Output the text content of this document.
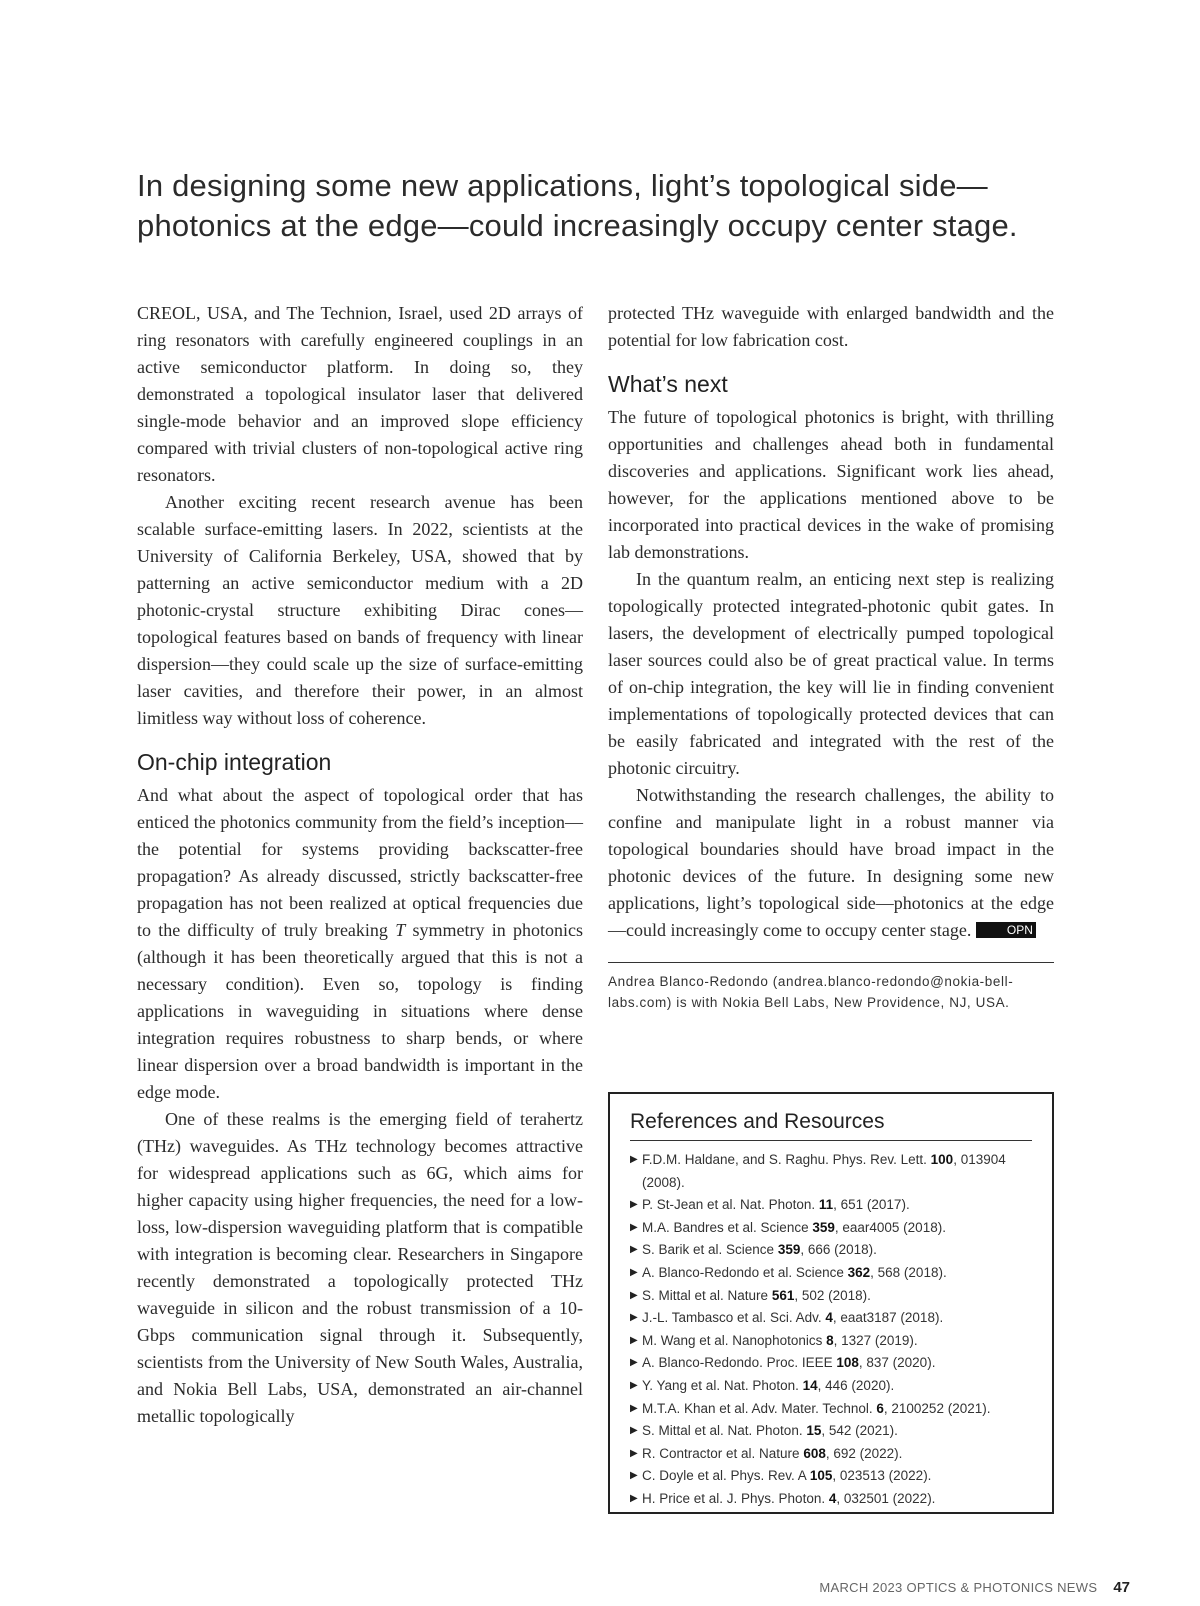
In designing some new applications, light’s topological side—photonics at the edge—could increasingly occupy center stage.

CREOL, USA, and The Technion, Israel, used 2D arrays of ring resonators with carefully engineered couplings in an active semiconductor platform. In doing so, they demonstrated a topological insulator laser that delivered single-mode behavior and an improved slope efficiency compared with trivial clusters of non-topological active ring resonators.

Another exciting recent research avenue has been scalable surface-emitting lasers. In 2022, scientists at the University of California Berkeley, USA, showed that by patterning an active semiconductor medium with a 2D photonic-crystal structure exhibiting Dirac cones—topological features based on bands of frequency with linear dispersion—they could scale up the size of surface-emitting laser cavities, and therefore their power, in an almost limitless way without loss of coherence.

On-chip integration

And what about the aspect of topological order that has enticed the photonics community from the field’s inception—the potential for systems providing backscatter-free propagation? As already discussed, strictly backscatter-free propagation has not been realized at optical frequencies due to the difficulty of truly breaking T symmetry in photonics (although it has been theoretically argued that this is not a necessary condition). Even so, topology is finding applications in waveguiding in situations where dense integration requires robustness to sharp bends, or where linear dispersion over a broad bandwidth is important in the edge mode.

One of these realms is the emerging field of terahertz (THz) waveguides. As THz technology becomes attractive for widespread applications such as 6G, which aims for higher capacity using higher frequencies, the need for a low-loss, low-dispersion waveguiding platform that is compatible with integration is becoming clear. Researchers in Singapore recently demonstrated a topologically protected THz waveguide in silicon and the robust transmission of a 10-Gbps communication signal through it. Subsequently, scientists from the University of New South Wales, Australia, and Nokia Bell Labs, USA, demonstrated an air-channel metallic topologically

protected THz waveguide with enlarged bandwidth and the potential for low fabrication cost.

What’s next

The future of topological photonics is bright, with thrilling opportunities and challenges ahead both in fundamental discoveries and applications. Significant work lies ahead, however, for the applications mentioned above to be incorporated into practical devices in the wake of promising lab demonstrations.

In the quantum realm, an enticing next step is realizing topologically protected integrated-photonic qubit gates. In lasers, the development of electrically pumped topological laser sources could also be of great practical value. In terms of on-chip integration, the key will lie in finding convenient implementations of topologically protected devices that can be easily fabricated and integrated with the rest of the photonic circuitry.

Notwithstanding the research challenges, the ability to confine and manipulate light in a robust manner via topological boundaries should have broad impact in the photonic devices of the future. In designing some new applications, light’s topological side—photonics at the edge—could increasingly come to occupy center stage.	OPN

Andrea Blanco-Redondo (andrea.blanco-redondo@nokia-bell-labs.com) is with Nokia Bell Labs, New Providence, NJ, USA.
References and Resources
▶ F.D.M. Haldane, and S. Raghu. Phys. Rev. Lett. 100, 013904 (2008).
▶ P. St-Jean et al. Nat. Photon. 11, 651 (2017).
▶ M.A. Bandres et al. Science 359, eaar4005 (2018).
▶ S. Barik et al. Science 359, 666 (2018).
▶ A. Blanco-Redondo et al. Science 362, 568 (2018).
▶ S. Mittal et al. Nature 561, 502 (2018).
▶ J.-L. Tambasco et al. Sci. Adv. 4, eaat3187 (2018).
▶ M. Wang et al. Nanophotonics 8, 1327 (2019).
▶ A. Blanco-Redondo. Proc. IEEE 108, 837 (2020).
▶ Y. Yang et al. Nat. Photon. 14, 446 (2020).
▶ M.T.A. Khan et al. Adv. Mater. Technol. 6, 2100252 (2021).
▶ S. Mittal et al. Nat. Photon. 15, 542 (2021).
▶ R. Contractor et al. Nature 608, 692 (2022).
▶ C. Doyle et al. Phys. Rev. A 105, 023513 (2022).
▶ H. Price et al. J. Phys. Photon. 4, 032501 (2022).
MARCH 2023 OPTICS & PHOTONICS NEWS 47
